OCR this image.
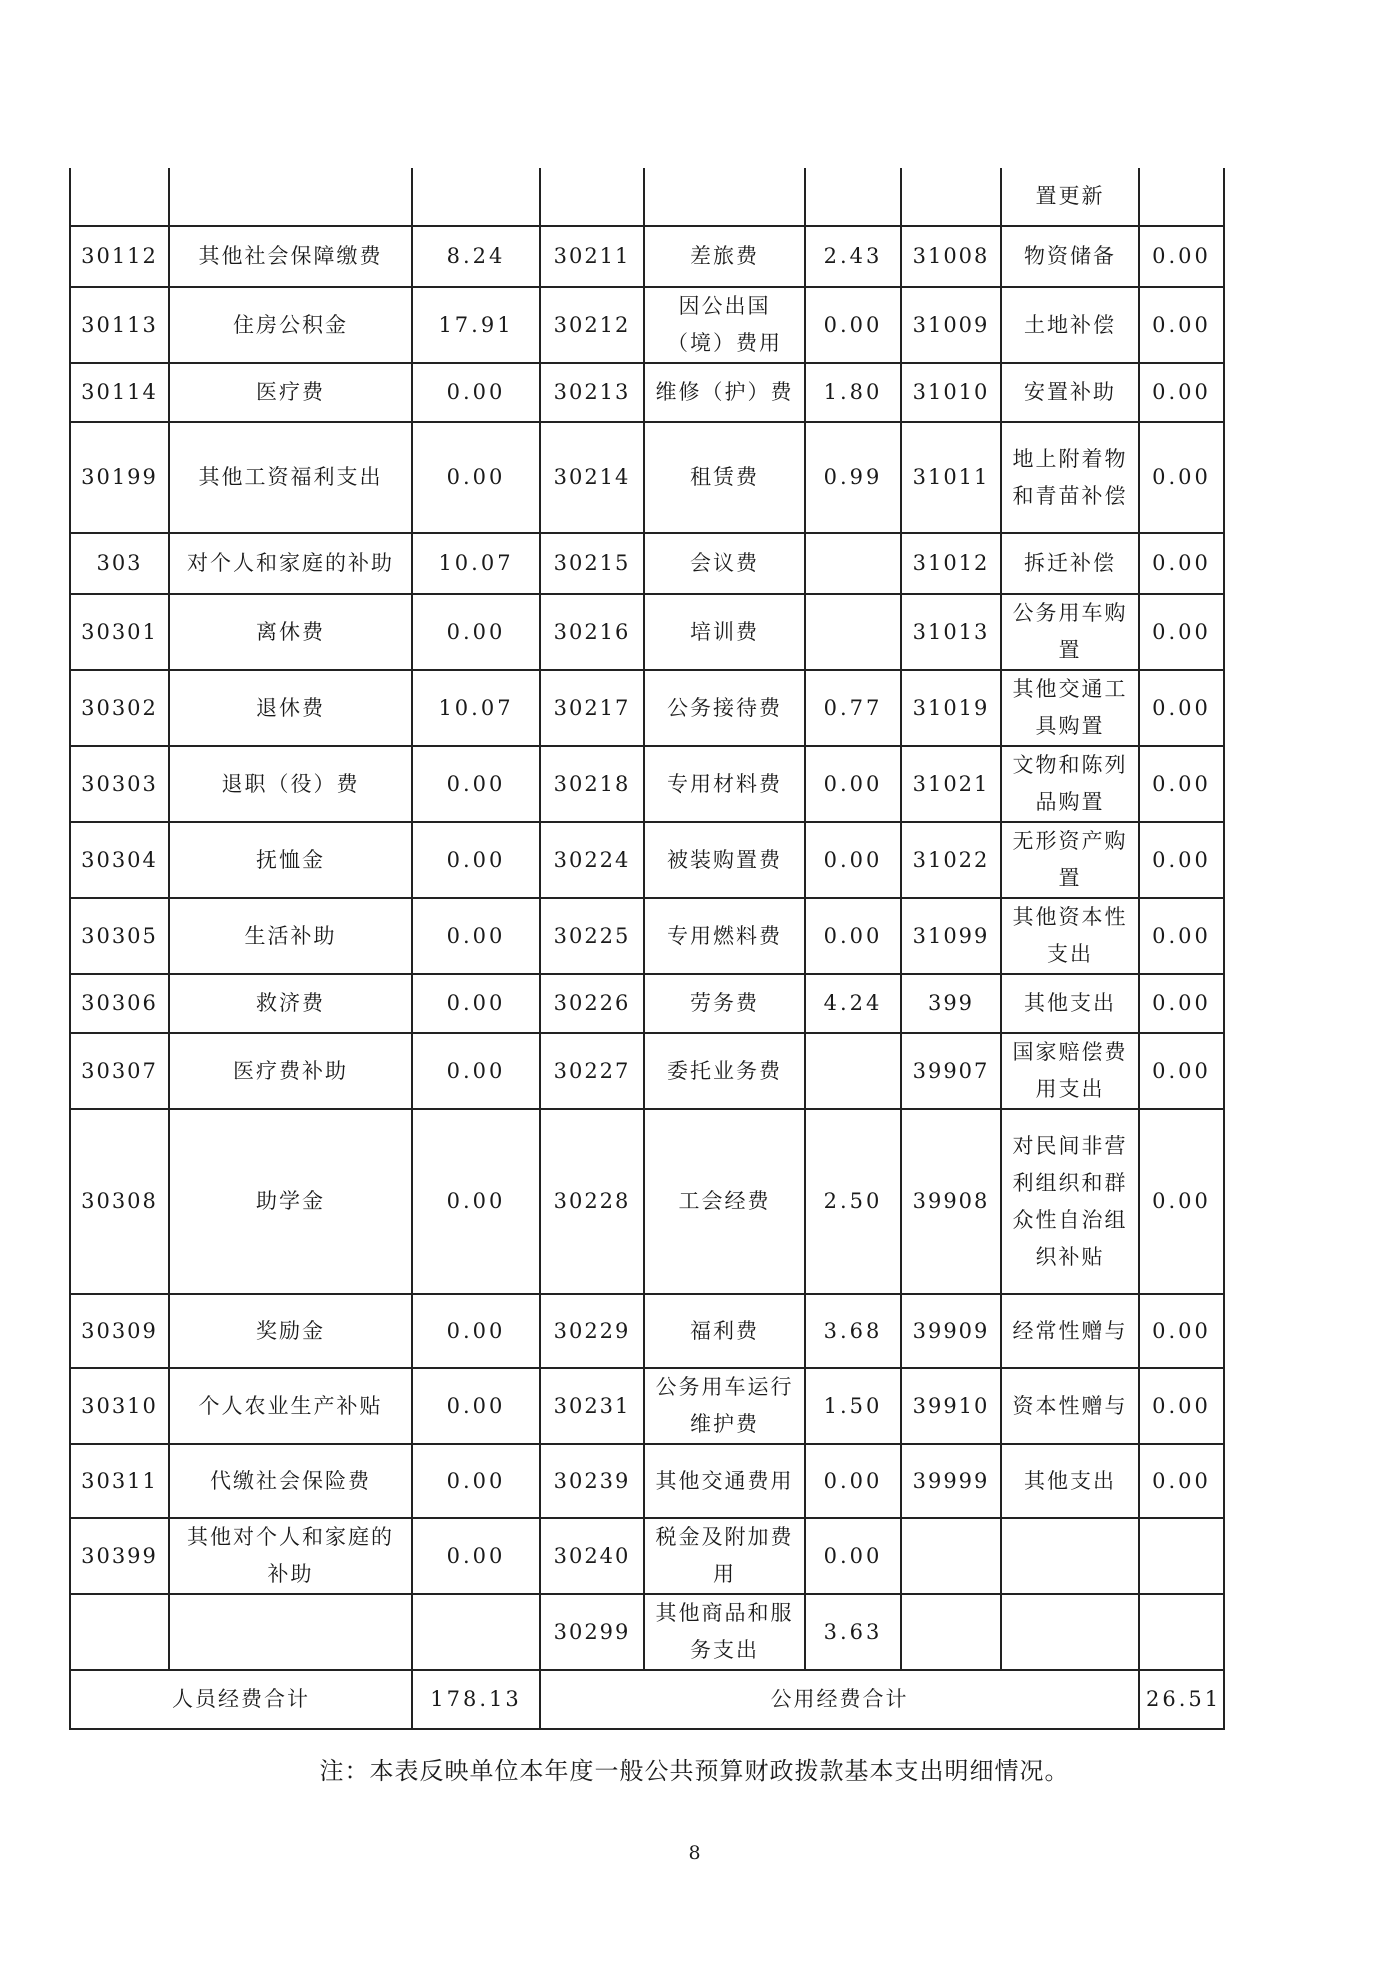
							置更新	
30112	其他社会保障缴费	8.24	30211	差旅费	2.43	31008	物资储备	0.00
30113	住房公积金	17.91	30212	因公出国（境）费用	0.00	31009	土地补偿	0.00
30114	医疗费	0.00	30213	维修（护）费	1.80	31010	安置补助	0.00
30199	其他工资福利支出	0.00	30214	租赁费	0.99	31011	地上附着物和青苗补偿	0.00
303	对个人和家庭的补助	10.07	30215	会议费		31012	拆迁补偿	0.00
30301	离休费	0.00	30216	培训费		31013	公务用车购置	0.00
30302	退休费	10.07	30217	公务接待费	0.77	31019	其他交通工具购置	0.00
30303	退职（役）费	0.00	30218	专用材料费	0.00	31021	文物和陈列品购置	0.00
30304	抚恤金	0.00	30224	被装购置费	0.00	31022	无形资产购置	0.00
30305	生活补助	0.00	30225	专用燃料费	0.00	31099	其他资本性支出	0.00
30306	救济费	0.00	30226	劳务费	4.24	399	其他支出	0.00
30307	医疗费补助	0.00	30227	委托业务费		39907	国家赔偿费用支出	0.00
30308	助学金	0.00	30228	工会经费	2.50	39908	对民间非营利组织和群众性自治组织补贴	0.00
30309	奖励金	0.00	30229	福利费	3.68	39909	经常性赠与	0.00
30310	个人农业生产补贴	0.00	30231	公务用车运行维护费	1.50	39910	资本性赠与	0.00
30311	代缴社会保险费	0.00	30239	其他交通费用	0.00	39999	其他支出	0.00
30399	其他对个人和家庭的补助	0.00	30240	税金及附加费用	0.00			
			30299	其他商品和服务支出	3.63			
人员经费合计		178.13	公用经费合计					26.51
注：本表反映单位本年度一般公共预算财政拨款基本支出明细情况。
8
